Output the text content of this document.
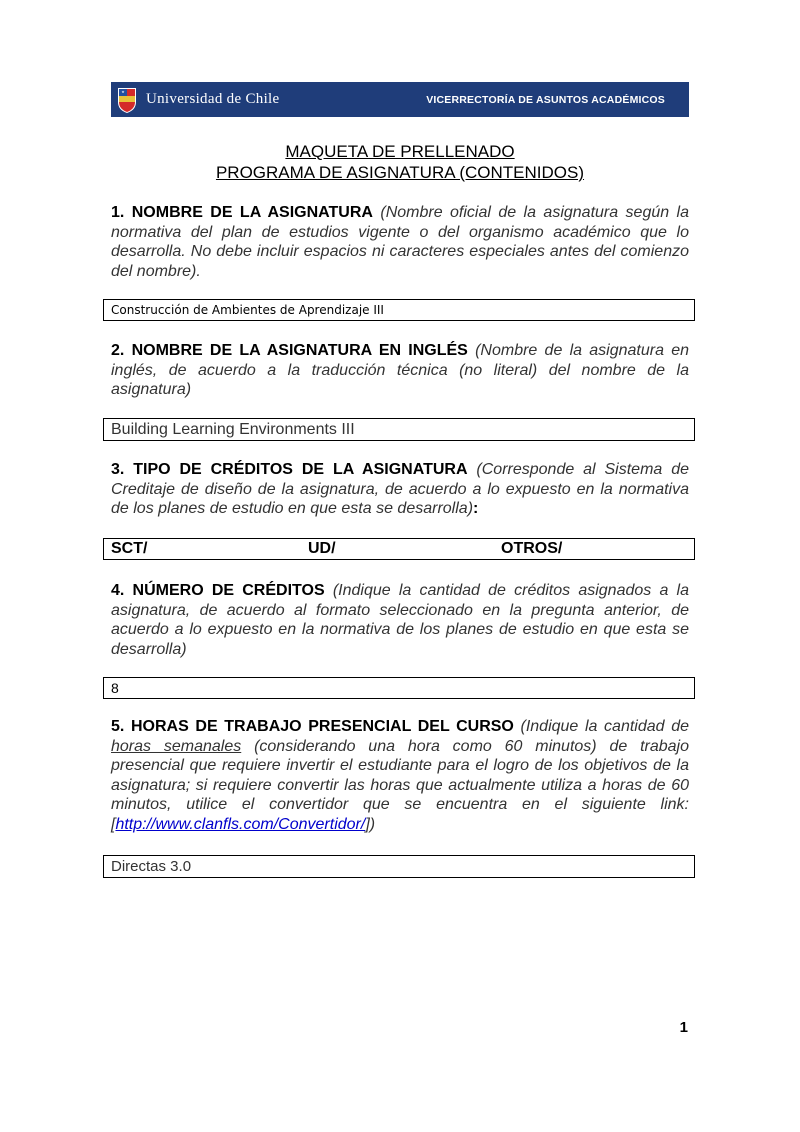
Universidad de Chile	VICERRECTORÍA DE ASUNTOS ACADÉMICOS
MAQUETA DE PRELLENADO
PROGRAMA DE ASIGNATURA (CONTENIDOS)
1. NOMBRE DE LA ASIGNATURA (Nombre oficial de la asignatura según la normativa del plan de estudios vigente o del organismo académico que lo desarrolla. No debe incluir espacios ni caracteres especiales antes del comienzo del nombre).
Construcción de Ambientes de Aprendizaje III
2. NOMBRE DE LA ASIGNATURA EN INGLÉS (Nombre de la asignatura en inglés, de acuerdo a la traducción técnica (no literal) del nombre de la asignatura)
Building Learning Environments III
3. TIPO DE CRÉDITOS DE LA ASIGNATURA (Corresponde al Sistema de Creditaje de diseño de la asignatura, de acuerdo a lo expuesto en la normativa de los planes de estudio en que esta se desarrolla):
SCT/	UD/	OTROS/
4. NÚMERO DE CRÉDITOS (Indique la cantidad de créditos asignados a la asignatura, de acuerdo al formato seleccionado en la pregunta anterior, de acuerdo a lo expuesto en la normativa de los planes de estudio en que esta se desarrolla)
8
5. HORAS DE TRABAJO PRESENCIAL DEL CURSO (Indique la cantidad de horas semanales (considerando una hora como 60 minutos) de trabajo presencial que requiere invertir el estudiante para el logro de los objetivos de la asignatura; si requiere convertir las horas que actualmente utiliza a horas de 60 minutos, utilice el convertidor que se encuentra en el siguiente link: [http://www.clanfls.com/Convertidor/])
Directas 3.0
1
